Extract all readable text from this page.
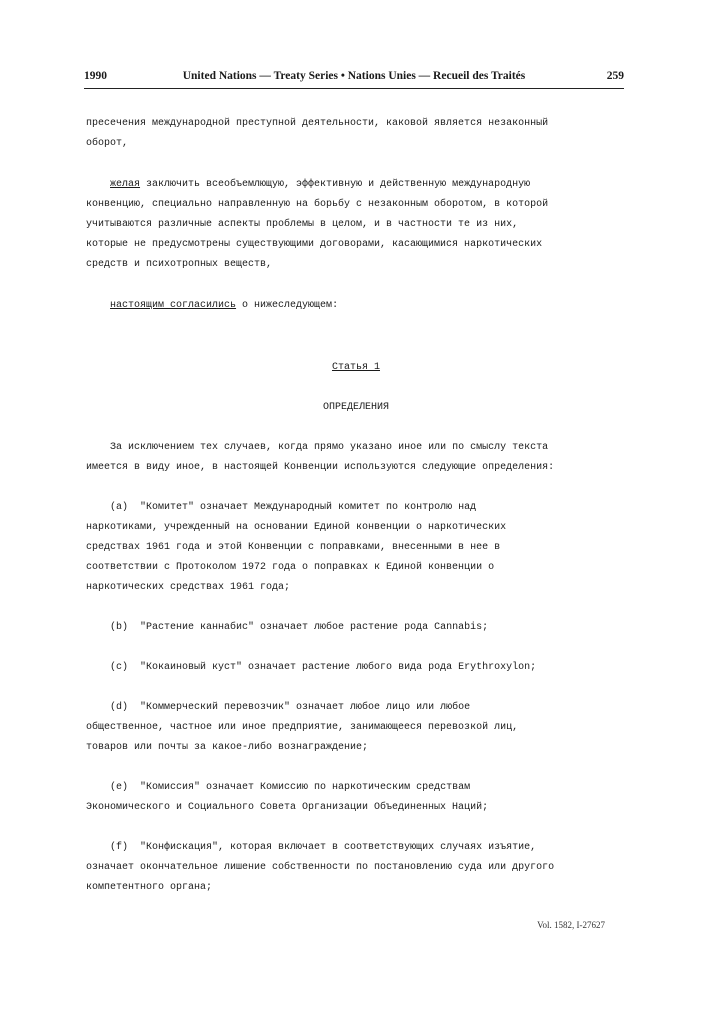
1990	United Nations — Treaty Series • Nations Unies — Recueil des Traités	259

пресечения международной преступной деятельности, каковой является незаконный

оборот,

желая заключить всеобъемлющую, эффективную и действенную международную

конвенцию, специально направленную на борьбу с незаконным оборотом, в которой

учитываются различные аспекты проблемы в целом, и в частности те из них,

которые не предусмотрены существующими договорами, касающимися наркотических

средств и психотропных веществ,

настоящим согласились о нижеследующем:

Статья 1

ОПРЕДЕЛЕНИЯ

За исключением тех случаев, когда прямо указано иное или по смыслу текста

имеется в виду иное, в настоящей Конвенции используются следующие определения:

(а)  "Комитет" означает Международный комитет по контролю над

наркотиками, учрежденный на основании Единой конвенции о наркотических

средствах 1961 года и этой Конвенции с поправками, внесенными в нее в

соответствии с Протоколом 1972 года о поправках к Единой конвенции о

наркотических средствах 1961 года;

(b)  "Растение каннабис" означает любое растение рода Cannabis;

(с)  "Кокаиновый куст" означает растение любого вида рода Erythroxylon;

(d)  "Коммерческий перевозчик" означает любое лицо или любое

общественное, частное или иное предприятие, занимающееся перевозкой лиц,

товаров или почты за какое-либо вознаграждение;

(е)  "Комиссия" означает Комиссию по наркотическим средствам

Экономического и Социального Совета Организации Объединенных Наций;

(f)  "Конфискация", которая включает в соответствующих случаях изъятие,

означает окончательное лишение собственности по постановлению суда или другого

компетентного органа;

Vol. 1582, I-27627
